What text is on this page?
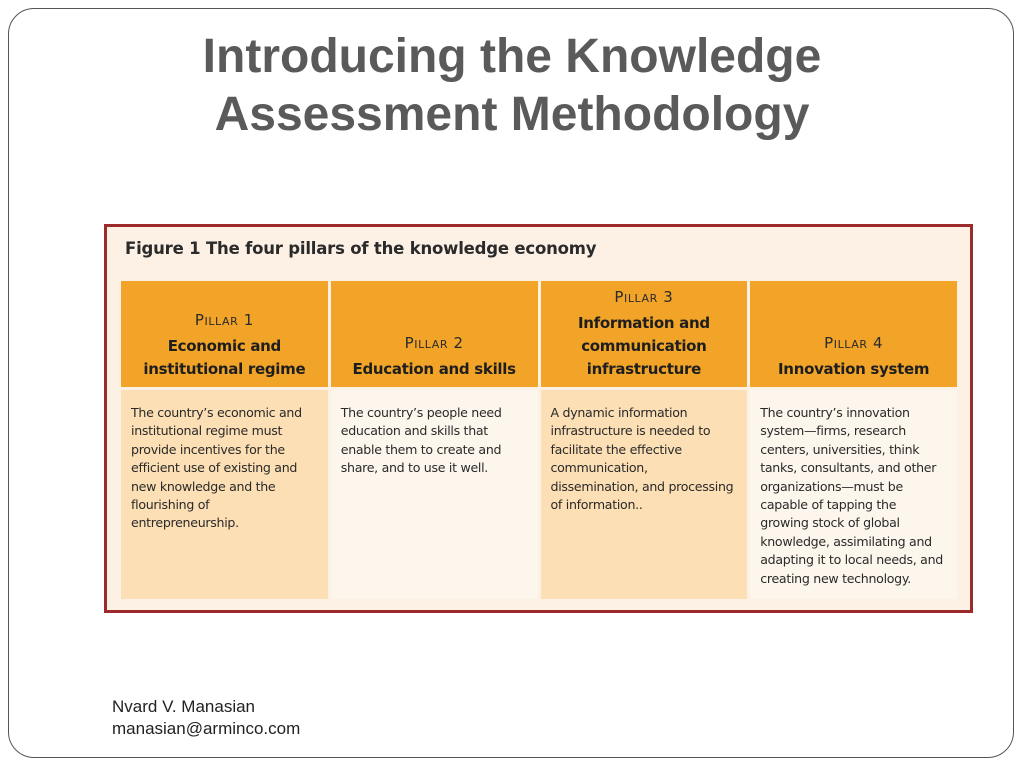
Introducing the Knowledge
Assessment Methodology
Figure 1 The four pillars of the knowledge economy
Pillar 1
Economic and institutional regime
The country’s economic and institutional regime must provide incentives for the efficient use of existing and new knowledge and the flourishing of entrepreneurship.
Pillar 2
Education and skills
The country’s people need education and skills that enable them to create and share, and to use it well.
Pillar 3
Information and communication infrastructure
A dynamic information infrastructure is needed to facilitate the effective communication, dissemination, and processing of information..
Pillar 4
Innovation system
The country’s innovation system—firms, research centers, universities, think tanks, consultants, and other organizations—must be capable of tapping the growing stock of global knowledge, assimilating and adapting it to local needs, and creating new technology.
Nvard V. Manasian
manasian@arminco.com
